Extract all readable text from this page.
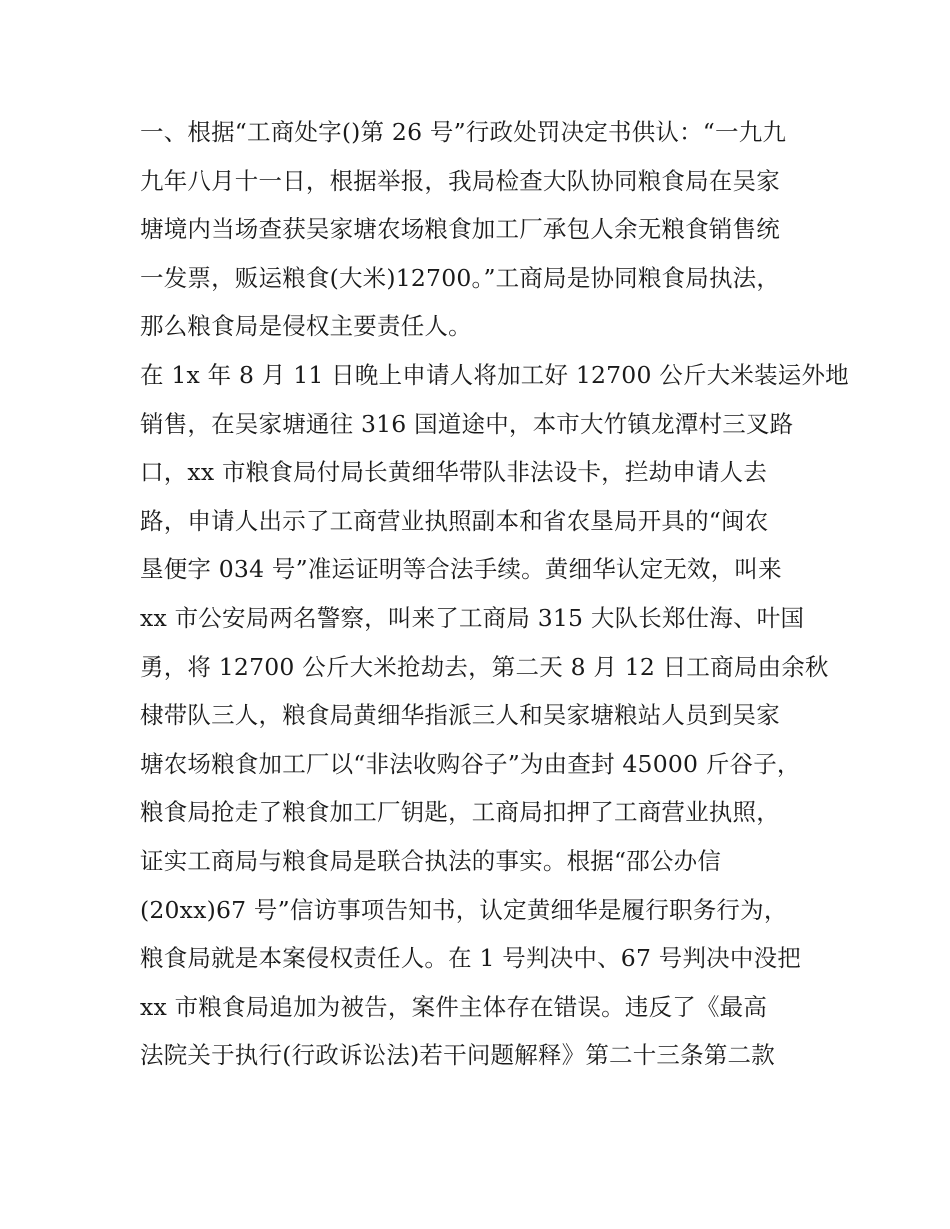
一、根据“工商处字()第 26 号”行政处罚决定书供认：“一九九
九年八月十一日，根据举报，我局检查大队协同粮食局在吴家
塘境内当场查获吴家塘农场粮食加工厂承包人余无粮食销售统
一发票，贩运粮食(大米)12700。”工商局是协同粮食局执法，
那么粮食局是侵权主要责任人。
在 1x 年 8 月 11 日晚上申请人将加工好 12700 公斤大米装运外地
销售，在吴家塘通往 316 国道途中，本市大竹镇龙潭村三叉路
口，xx 市粮食局付局长黄细华带队非法设卡，拦劫申请人去
路，申请人出示了工商营业执照副本和省农垦局开具的“闽农
垦便字 034 号”准运证明等合法手续。黄细华认定无效，叫来
xx 市公安局两名警察，叫来了工商局 315 大队长郑仕海、叶国
勇，将 12700 公斤大米抢劫去，第二天 8 月 12 日工商局由余秋
棣带队三人，粮食局黄细华指派三人和吴家塘粮站人员到吴家
塘农场粮食加工厂以“非法收购谷子”为由查封 45000 斤谷子，
粮食局抢走了粮食加工厂钥匙，工商局扣押了工商营业执照，
证实工商局与粮食局是联合执法的事实。根据“邵公办信
(20xx)67 号”信访事项告知书，认定黄细华是履行职务行为，
粮食局就是本案侵权责任人。在 1 号判决中、67 号判决中没把
xx 市粮食局追加为被告，案件主体存在错误。违反了《最高
法院关于执行(行政诉讼法)若干问题解释》第二十三条第二款
